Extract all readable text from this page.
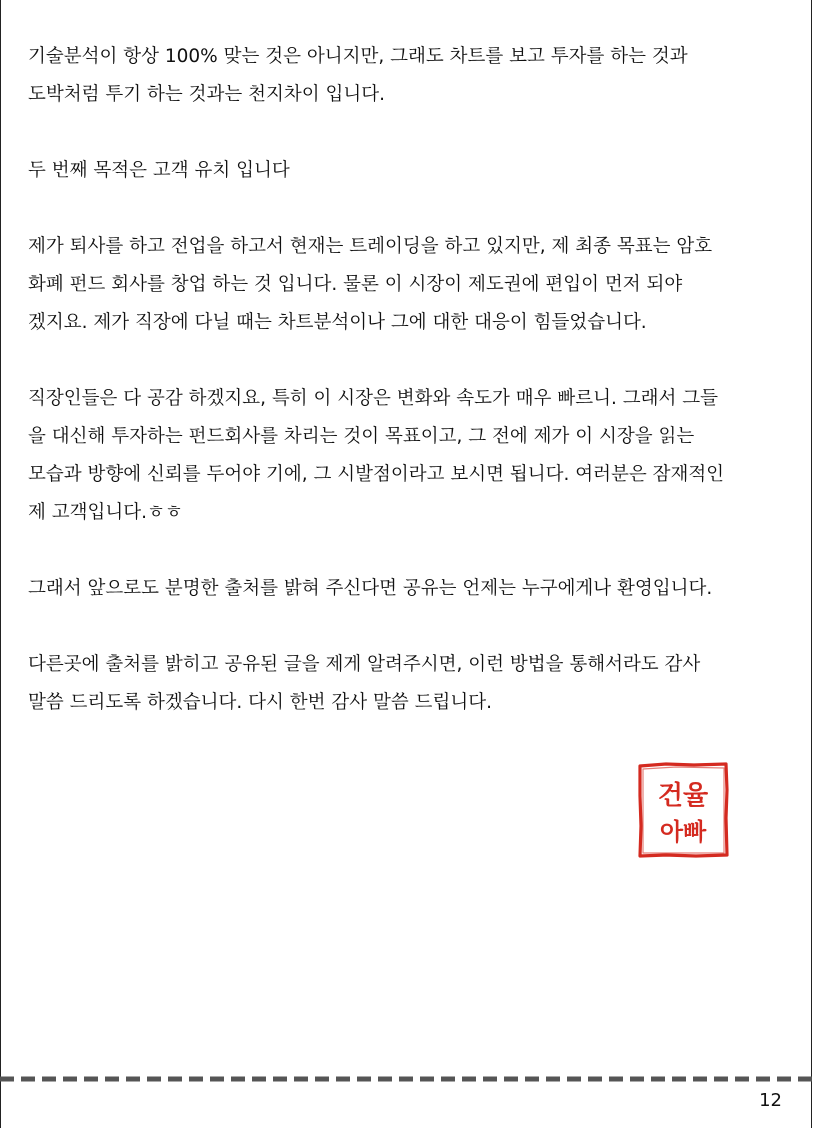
기술분석이 항상 100% 맞는 것은 아니지만, 그래도 차트를 보고 투자를 하는 것과
도박처럼 투기 하는 것과는 천지차이 입니다.

두 번째 목적은 고객 유치 입니다

제가 퇴사를 하고 전업을 하고서 현재는 트레이딩을 하고 있지만, 제 최종 목표는 암호
화폐 펀드 회사를 창업 하는 것 입니다. 물론 이 시장이 제도권에 편입이 먼저 되야
겠지요. 제가 직장에 다닐 때는 차트분석이나 그에 대한 대응이 힘들었습니다.

직장인들은 다 공감 하겠지요, 특히 이 시장은 변화와 속도가 매우 빠르니. 그래서 그들
을 대신해 투자하는 펀드회사를 차리는 것이 목표이고, 그 전에 제가 이 시장을 읽는
모습과 방향에 신뢰를 두어야 기에, 그 시발점이라고 보시면 됩니다. 여러분은 잠재적인
제 고객입니다.ㅎㅎ

그래서 앞으로도 분명한 출처를 밝혀 주신다면 공유는 언제는 누구에게나 환영입니다.

다른곳에 출처를 밝히고 공유된 글을 제게 알려주시면, 이런 방법을 통해서라도 감사
말씀 드리도록 하겠습니다. 다시 한번 감사 말씀 드립니다.

건율
아빠
12
